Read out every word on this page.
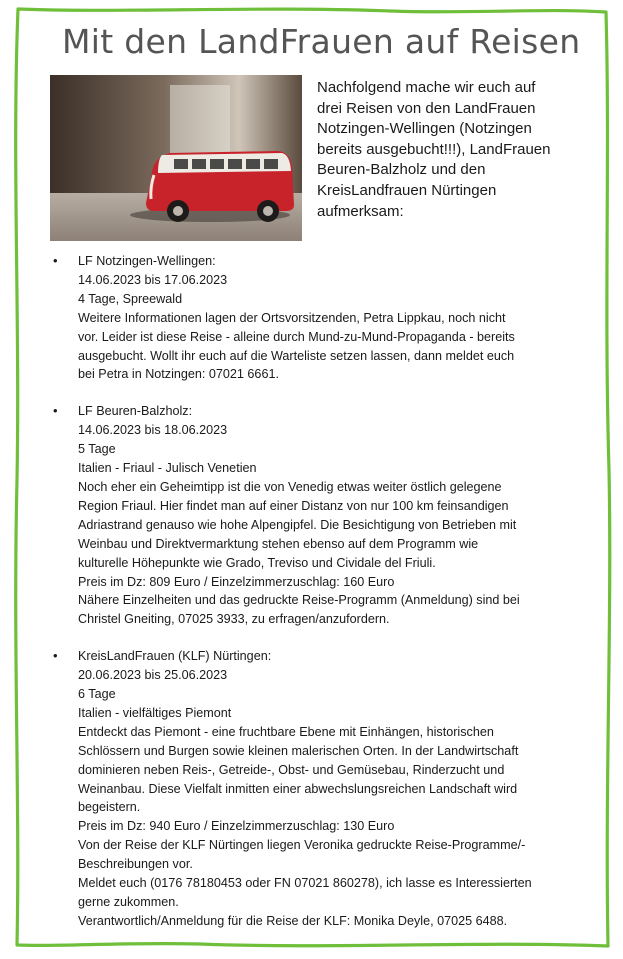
Mit den LandFrauen auf Reisen
Nachfolgend mache wir euch auf
drei Reisen von den LandFrauen
Notzingen-Wellingen (Notzingen
bereits ausgebucht!!!), LandFrauen
Beuren-Balzholz und den
KreisLandfrauen Nürtingen
aufmerksam:
• LF Notzingen-Wellingen:
14.06.2023 bis 17.06.2023
4 Tage, Spreewald
Weitere Informationen lagen der Ortsvorsitzenden, Petra Lippkau, noch nicht
vor. Leider ist diese Reise - alleine durch Mund-zu-Mund-Propaganda - bereits
ausgebucht. Wollt ihr euch auf die Warteliste setzen lassen, dann meldet euch
bei Petra in Notzingen: 07021 6661.
• LF Beuren-Balzholz:
14.06.2023 bis 18.06.2023
5 Tage
Italien - Friaul - Julisch Venetien
Noch eher ein Geheimtipp ist die von Venedig etwas weiter östlich gelegene
Region Friaul. Hier findet man auf einer Distanz von nur 100 km feinsandigen
Adriastrand genauso wie hohe Alpengipfel. Die Besichtigung von Betrieben mit
Weinbau und Direktvermarktung stehen ebenso auf dem Programm wie
kulturelle Höhepunkte wie Grado, Treviso und Cividale del Friuli.
Preis im Dz: 809 Euro / Einzelzimmerzuschlag: 160 Euro
Nähere Einzelheiten und das gedruckte Reise-Programm (Anmeldung) sind bei
Christel Gneiting, 07025 3933, zu erfragen/anzufordern.
• KreisLandFrauen (KLF) Nürtingen:
20.06.2023 bis 25.06.2023
6 Tage
Italien - vielfältiges Piemont
Entdeckt das Piemont - eine fruchtbare Ebene mit Einhängen, historischen
Schlössern und Burgen sowie kleinen malerischen Orten. In der Landwirtschaft
dominieren neben Reis-, Getreide-, Obst- und Gemüsebau, Rinderzucht und
Weinanbau. Diese Vielfalt inmitten einer abwechslungsreichen Landschaft wird
begeistern.
Preis im Dz: 940 Euro / Einzelzimmerzuschlag: 130 Euro
Von der Reise der KLF Nürtingen liegen Veronika gedruckte Reise-Programme/-
Beschreibungen vor.
Meldet euch (0176 78180453 oder FN 07021 860278), ich lasse es Interessierten
gerne zukommen.
Verantwortlich/Anmeldung für die Reise der KLF: Monika Deyle, 07025 6488.
